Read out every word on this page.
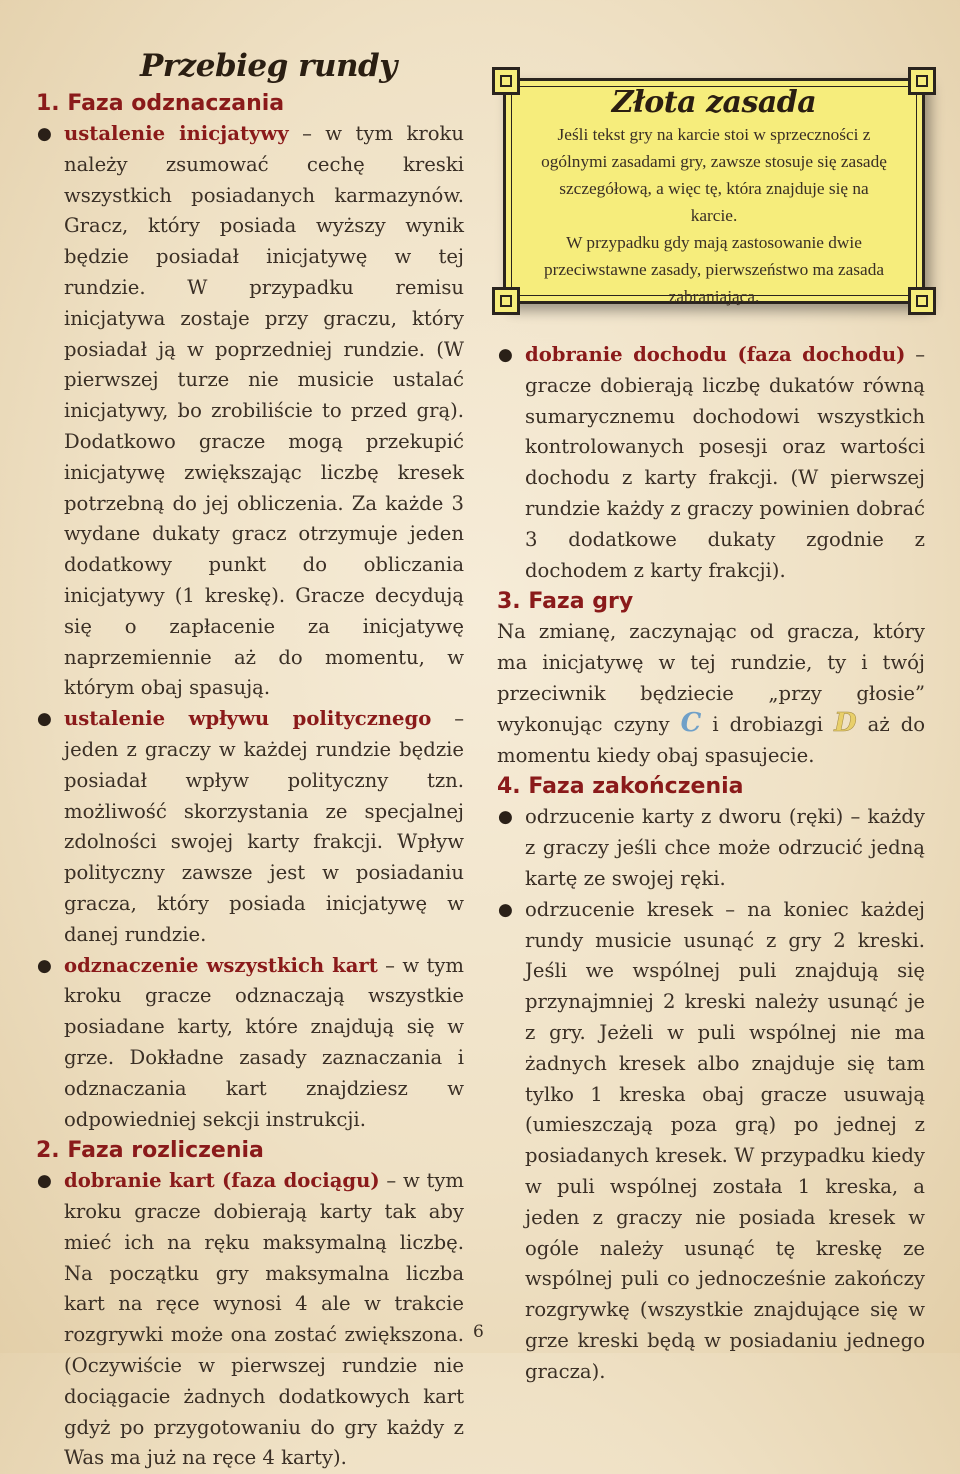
Przebieg rundy
1. Faza odznaczania
● ustalenie inicjatywy – w tym kroku należy zsumować cechę kreski wszystkich posiadanych karmazynów. Gracz, który posiada wyższy wynik będzie posiadał inicjatywę w tej rundzie. W przypadku remisu inicjatywa zostaje przy graczu, który posiadał ją w poprzedniej rundzie. (W pierwszej turze nie musicie ustalać inicjatywy, bo zrobiliście to przed grą). Dodatkowo gracze mogą przekupić inicjatywę zwiększając liczbę kresek potrzebną do jej obliczenia. Za każde 3 wydane dukaty gracz otrzymuje jeden dodatkowy punkt do obliczania inicjatywy (1 kreskę). Gracze decydują się o zapłacenie za inicjatywę naprzemiennie aż do momentu, w którym obaj spasują.
● ustalenie wpływu politycznego – jeden z graczy w każdej rundzie będzie posiadał wpływ polityczny tzn. możliwość skorzystania ze specjalnej zdolności swojej karty frakcji. Wpływ polityczny zawsze jest w posiadaniu gracza, który posiada inicjatywę w danej rundzie.
● odznaczenie wszystkich kart – w tym kroku gracze odznaczają wszystkie posiadane karty, które znajdują się w grze. Dokładne zasady zaznaczania i odznaczania kart znajdziesz w odpowiedniej sekcji instrukcji.
2. Faza rozliczenia
● dobranie kart (faza dociągu) – w tym kroku gracze dobierają karty tak aby mieć ich na ręku maksymalną liczbę. Na początku gry maksymalna liczba kart na ręce wynosi 4 ale w trakcie rozgrywki może ona zostać zwiększona. (Oczywiście w pierwszej rundzie nie dociągacie żadnych dodatkowych kart gdyż po przygotowaniu do gry każdy z Was ma już na ręce 4 karty).
Złota zasada
Jeśli tekst gry na karcie stoi w sprzeczności z ogólnymi zasadami gry, zawsze stosuje się zasadę szczegółową, a więc tę, która znajduje się na karcie.
W przypadku gdy mają zastosowanie dwie przeciwstawne zasady, pierwszeństwo ma zasada zabraniająca.
● dobranie dochodu (faza dochodu) – gracze dobierają liczbę dukatów równą sumarycznemu dochodowi wszystkich kontrolowanych posesji oraz wartości dochodu z karty frakcji. (W pierwszej rundzie każdy z graczy powinien dobrać 3 dodatkowe dukaty zgodnie z dochodem z karty frakcji).
3. Faza gry
Na zmianę, zaczynając od gracza, który ma inicjatywę w tej rundzie, ty i twój przeciwnik będziecie „przy głosie” wykonując czyny C i drobiazgi D aż do momentu kiedy obaj spasujecie.
4. Faza zakończenia
● odrzucenie karty z dworu (ręki) – każdy z graczy jeśli chce może odrzucić jedną kartę ze swojej ręki.
● odrzucenie kresek – na koniec każdej rundy musicie usunąć z gry 2 kreski. Jeśli we wspólnej puli znajdują się przynajmniej 2 kreski należy usunąć je z gry. Jeżeli w puli wspólnej nie ma żadnych kresek albo znajduje się tam tylko 1 kreska obaj gracze usuwają (umieszczają poza grą) po jednej z posiadanych kresek. W przypadku kiedy w puli wspólnej została 1 kreska, a jeden z graczy nie posiada kresek w ogóle należy usunąć tę kreskę ze wspólnej puli co jednocześnie zakończy rozgrywkę (wszystkie znajdujące się w grze kreski będą w posiadaniu jednego gracza).
6
